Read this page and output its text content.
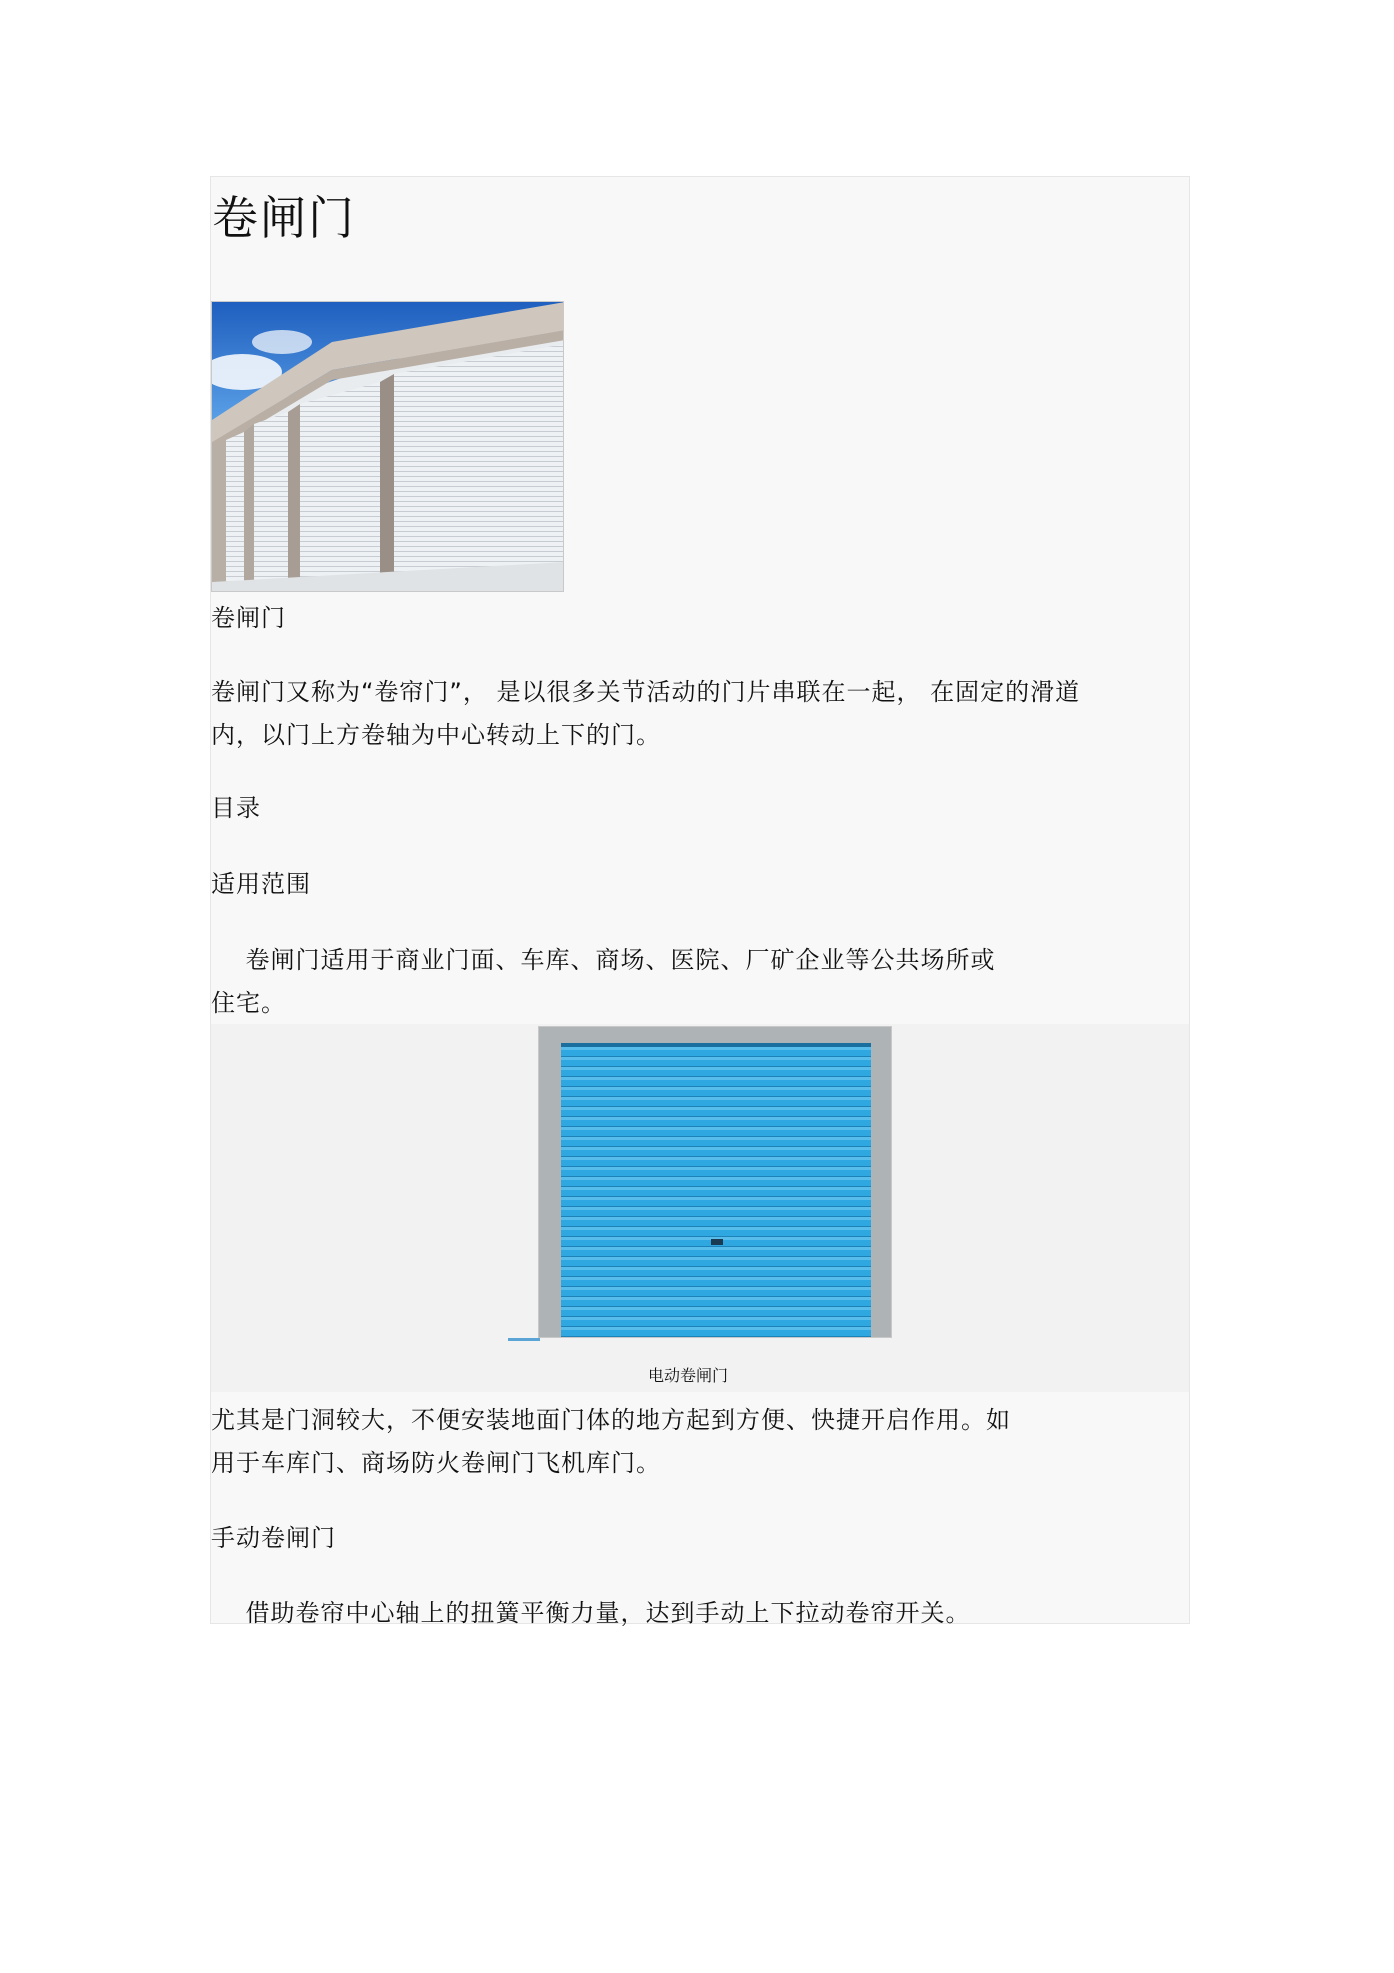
卷闸门
卷闸门
卷闸门又称为“卷帘门”， 是以很多关节活动的门片串联在一起， 在固定的滑道
内，以门上方卷轴为中心转动上下的门。
目录
适用范围
卷闸门适用于商业门面、车库、商场、医院、厂矿企业等公共场所或
住宅。
电动卷闸门
尤其是门洞较大，不便安装地面门体的地方起到方便、快捷开启作用。如
用于车库门、商场防火卷闸门飞机库门。
手动卷闸门
借助卷帘中心轴上的扭簧平衡力量，达到手动上下拉动卷帘开关。
